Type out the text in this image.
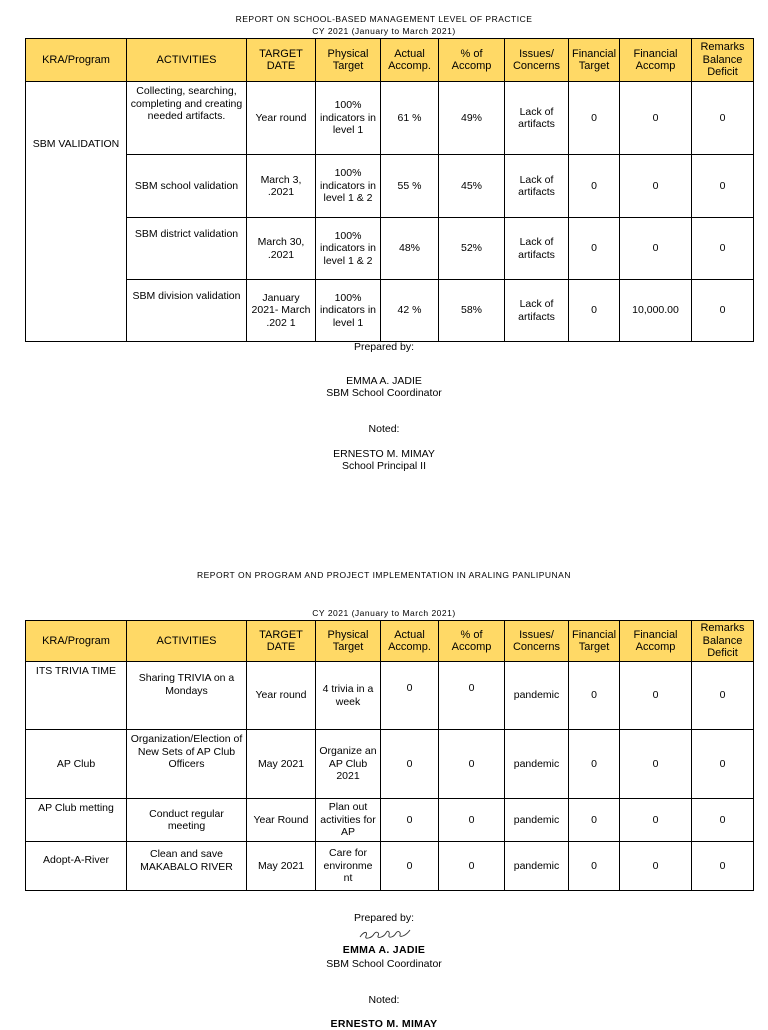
REPORT ON SCHOOL-BASED MANAGEMENT LEVEL OF PRACTICE
CY 2021 (January to March 2021)
KRA/Program	ACTIVITIES	TARGET DATE	Physical Target	Actual Accomp.	% of Accomp	Issues/ Concerns	Financial Target	Financial Accomp	Remarks Balance Deficit
SBM VALIDATION	Collecting, searching, completing and creating needed artifacts.	Year round	100% indicators in level 1	61 %	49%	Lack of artifacts	0	0	0
	SBM school validation	March 3, .2021	100% indicators in level 1 & 2	55 %	45%	Lack of artifacts	0	0	0
	SBM district validation	March 30, .2021	100% indicators in level 1 & 2	48%	52%	Lack of artifacts	0	0	0
	SBM division validation	January 2021- March .202 1	100% indicators in level 1	42 %	58%	Lack of artifacts	0	10,000.00	0
Prepared by:
EMMA A. JADIE
SBM School Coordinator
Noted:
ERNESTO M. MIMAY
School Principal II
REPORT ON PROGRAM AND PROJECT IMPLEMENTATION IN ARALING PANLIPUNAN
CY 2021 (January to March 2021)
KRA/Program	ACTIVITIES	TARGET DATE	Physical Target	Actual Accomp.	% of Accomp	Issues/ Concerns	Financial Target	Financial Accomp	Remarks Balance Deficit
ITS TRIVIA TIME	Sharing TRIVIA on a Mondays	Year round	4 trivia in a week	0	0	pandemic	0	0	0
AP Club	Organization/Election of New Sets of AP Club Officers	May 2021	Organize an AP Club 2021	0	0	pandemic	0	0	0
AP Club metting	Conduct regular meeting	Year Round	Plan out activities for AP	0	0	pandemic	0	0	0
Adopt-A-River	Clean and save MAKABALO RIVER	May 2021	Care for environme nt	0	0	pandemic	0	0	0
Prepared by:
EMMA A. JADIE
SBM School Coordinator
Noted:
ERNESTO M. MIMAY
